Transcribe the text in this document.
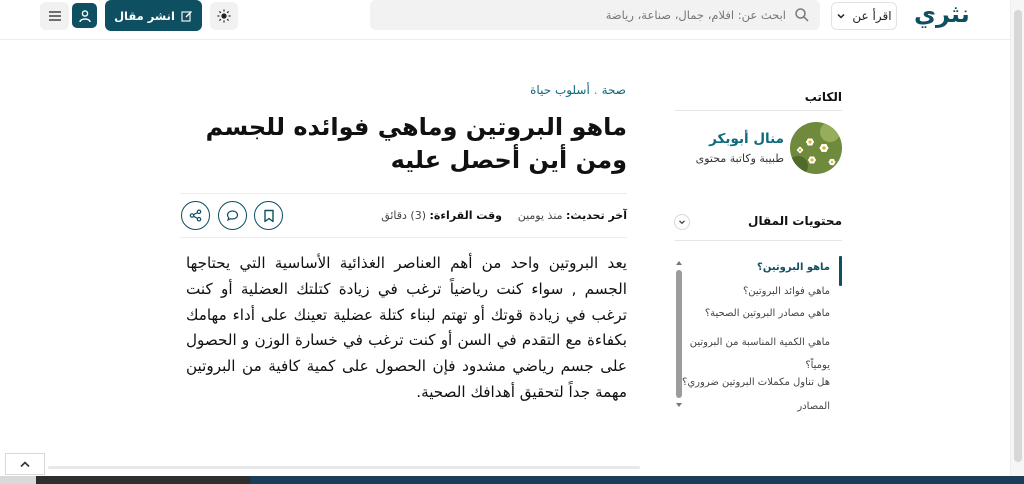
نثري
اقرأ عن
ابحث عن: افلام، جمال، صناعة، رياضة
انشر مقال
الكاتب
منال أبوبكر
طبيبة وكاتبة محتوى
محتويات المقال
ماهو البروتين؟
ماهي فوائد البروتين؟
ماهي مصادر البروتين الصحية؟
ماهي الكمية المناسبة من البروتين يومياً؟
هل تناول مكملات البروتين ضروري؟
المصادر
صحة.أسلوب حياة
ماهو البروتين وماهي فوائده للجسم ومن أين أحصل عليه
آخر تحديث: منذ يومين
وقت القراءة: (3) دقائق

يعد البروتين واحد من أهم العناصر الغذائية الأساسية التي يحتاجها الجسم , سواء كنت رياضياً ترغب في زيادة كتلتك العضلية أو كنت ترغب في زيادة قوتك أو تهتم لبناء كتلة عضلية تعينك على أداء مهامك بكفاءة مع التقدم في السن أو كنت ترغب في خسارة الوزن و الحصول على جسم رياضي مشدود فإن الحصول على كمية كافية من البروتين مهمة جداً لتحقيق أهدافك الصحية.
